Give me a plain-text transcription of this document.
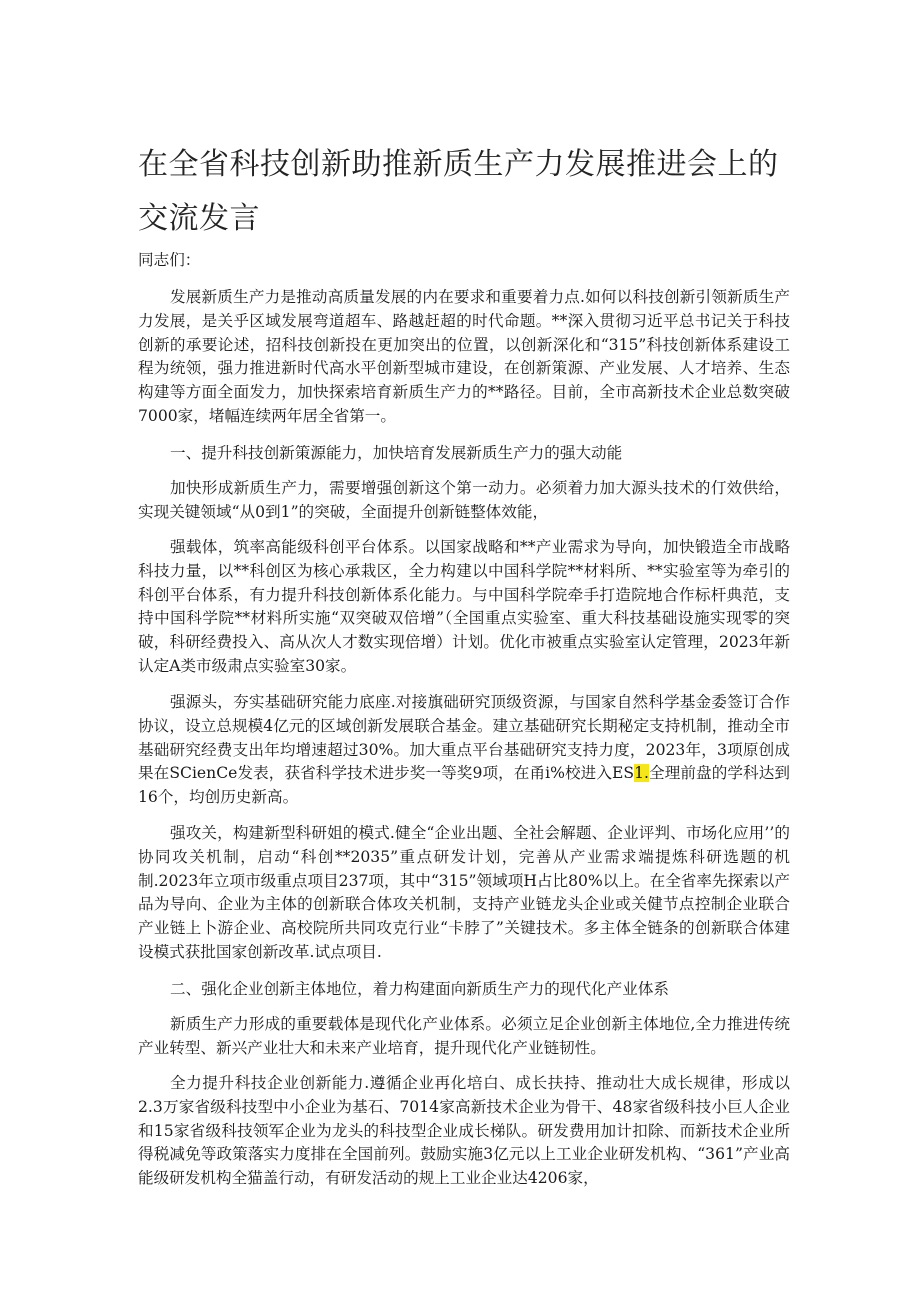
在全省科技创新助推新质生产力发展推进会上的交流发言

同志们：

发展新质生产力是推动高质量发展的内在要求和重要着力点.如何以科技创新引领新质生产力发展，是关乎区域发展弯道超车、路越赶超的时代命题。**深入贯彻习近平总书记关于科技创新的承要论述，招科技创新投在更加突出的位置，以创新深化和“315”科技创新体系建设工程为统领，强力推进新时代高水平创新型城市建设，在创新策源、产业发展、人才培养、生态构建等方面全面发力，加快探索培育新质生产力的**路径。目前，全市高新技术企业总数突破7000家，堵幅连续两年居全省第一。

一、提升科技创新策源能力，加快培育发展新质生产力的强大动能

加快形成新质生产力，需要增强创新这个第一动力。必须着力加大源头技术的仃效供给，实现关键领域“从0到1”的突破，全面提升创新链整体效能，

强载体，筑率高能级科创平台体系。以国家战略和**产业需求为导向，加快锻造全市战略科技力量，以**科创区为核心承栽区，全力构建以中国科学院**材料所、**实验室等为牵引的科创平台体系，有力提升科技创新体系化能力。与中国科学院牵手打造院地合作标杆典范，支持中国科学院**材料所实施“双突破双倍增”（全国重点实验室、重大科技基础设施实现零的突破，科研经费投入、高从次人才数实现倍增）计划。优化市被重点实验室认定管理，2023年新认定A类市级肃点实验室30家。

强源头，夯实基础研究能力底座.对接旗础研究顶级资源，与国家自然科学基金委签订合作协议，设立总规模4亿元的区域创新发展联合基金。建立基础研究长期秘定支持机制，推动全市基础研究经费支出年均增速超过30%。加大重点平台基础研究支持力度，2023年，3项原创成果在SCienCe发表，获省科学技术进步奖一等奖9项，在甬i%校进入ES1.全理前盘的学科达到16个，均创历史新高。

强攻关，构建新型科研姐的模式.健全“企业出题、全社会解题、企业评判、市场化应用’’的协同攻关机制，启动“科创**2035”重点研发计划，完善从产业需求端提炼科研选题的机制.2023年立项市级重点项目237项，其中“315”领域项H占比80%以上。在全省率先探索以产品为导向、企业为主体的创新联合体攻关机制，支持产业链龙头企业或关健节点控制企业联合产业链上卜游企业、高校院所共同攻克行业“卡脖了”关键技术。多主体全链条的创新联合体建设模式获批国家创新改革.试点项目.

二、强化企业创新主体地位，着力构建面向新质生产力的现代化产业体系

新质生产力形成的重要载体是现代化产业体系。必须立足企业创新主体地位,全力推进传统产业转型、新兴产业壮大和未来产业培育，提升现代化产业链韧性。

全力提升科技企业创新能力.遵循企业再化培白、成长扶持、推动壮大成长规律，形成以2.3万家省级科技型中小企业为基石、7014家高新技术企业为骨干、48家省级科技小巨人企业和15家省级科技领军企业为龙头的科技型企业成长梯队。研发费用加计扣除、而新技术企业所得税减免等政策落实力度排在全国前列。鼓励实施3亿元以上工业企业研发机构、“361”产业高能级研发机构全猫盖行动，有研发活动的规上工业企业达4206家，
